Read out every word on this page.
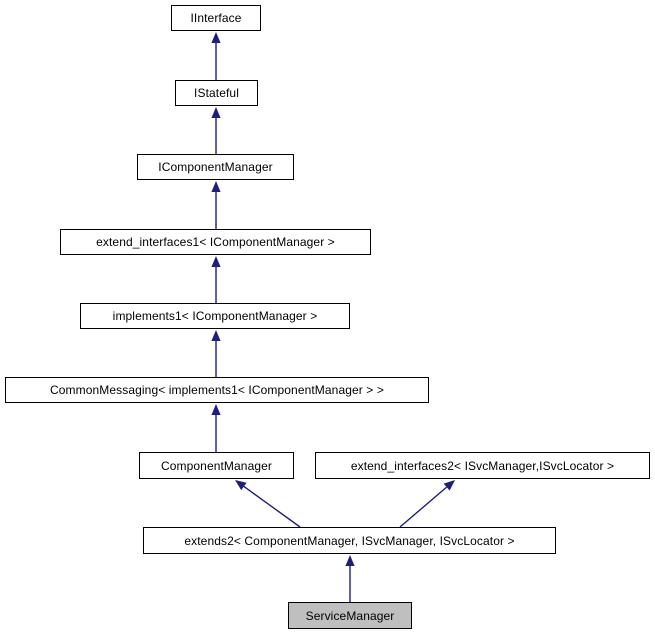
IInterface
IStateful
IComponentManager
extend_interfaces1< IComponentManager >
implements1< IComponentManager >
CommonMessaging< implements1< IComponentManager > >
ComponentManager	extend_interfaces2< ISvcManager,ISvcLocator >
extends2< ComponentManager, ISvcManager, ISvcLocator >
ServiceManager
